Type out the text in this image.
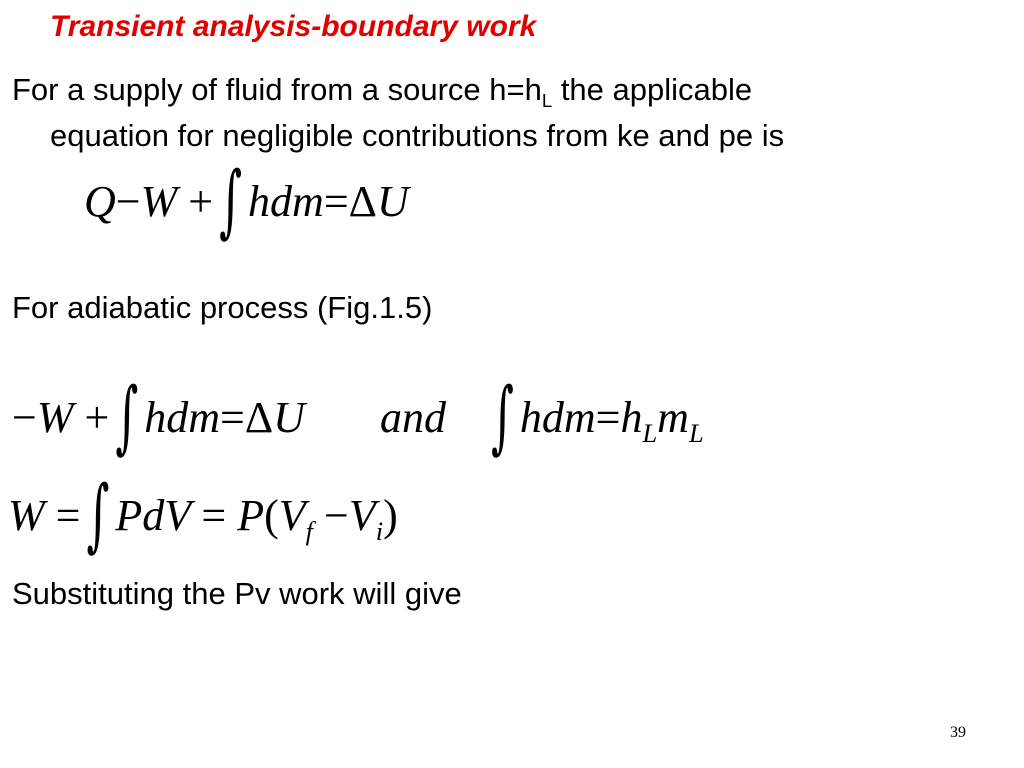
Transient analysis-boundary work
For a supply of fluid from a source $h=h_L$ the applicable
equation for negligible contributions from ke and pe is
Q−W + ∫ hdm=ΔU
For adiabatic process (Fig.1.5)
−W + ∫ hdm=ΔU and ∫ $hdm=h_Lm_L$
W = ∫ PdV = $P(V_f -V_i)$
Substituting the Pv work will give
39
